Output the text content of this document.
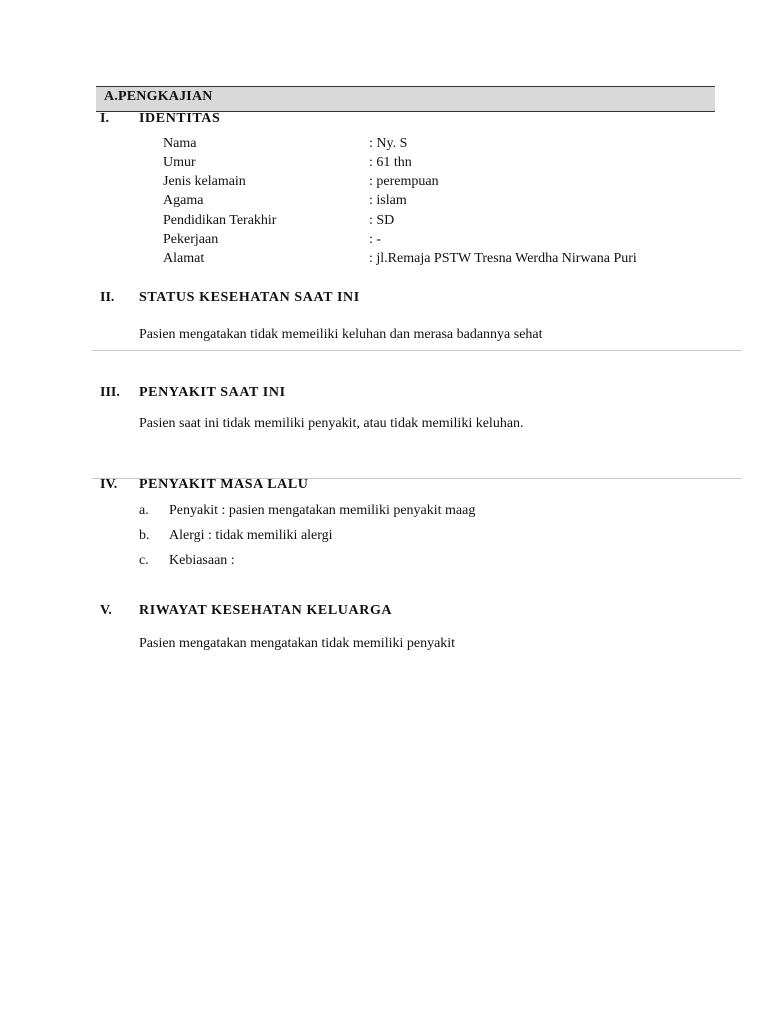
A.PENGKAJIAN
I. IDENTITAS
Nama	: Ny. S
Umur	: 61 thn
Jenis kelamain	: perempuan
Agama	: islam
Pendidikan Terakhir	: SD
Pekerjaan	: -
Alamat	: jl.Remaja PSTW Tresna Werdha Nirwana Puri
II. STATUS KESEHATAN SAAT INI
Pasien mengatakan tidak memeiliki keluhan dan merasa badannya sehat
III. PENYAKIT SAAT INI
Pasien saat ini tidak memiliki penyakit, atau tidak memiliki keluhan.
IV. PENYAKIT MASA LALU
a. Penyakit : pasien mengatakan memiliki penyakit maag
b. Alergi : tidak memiliki alergi
c. Kebiasaan :
V. RIWAYAT KESEHATAN KELUARGA
Pasien mengatakan mengatakan tidak memiliki penyakit
